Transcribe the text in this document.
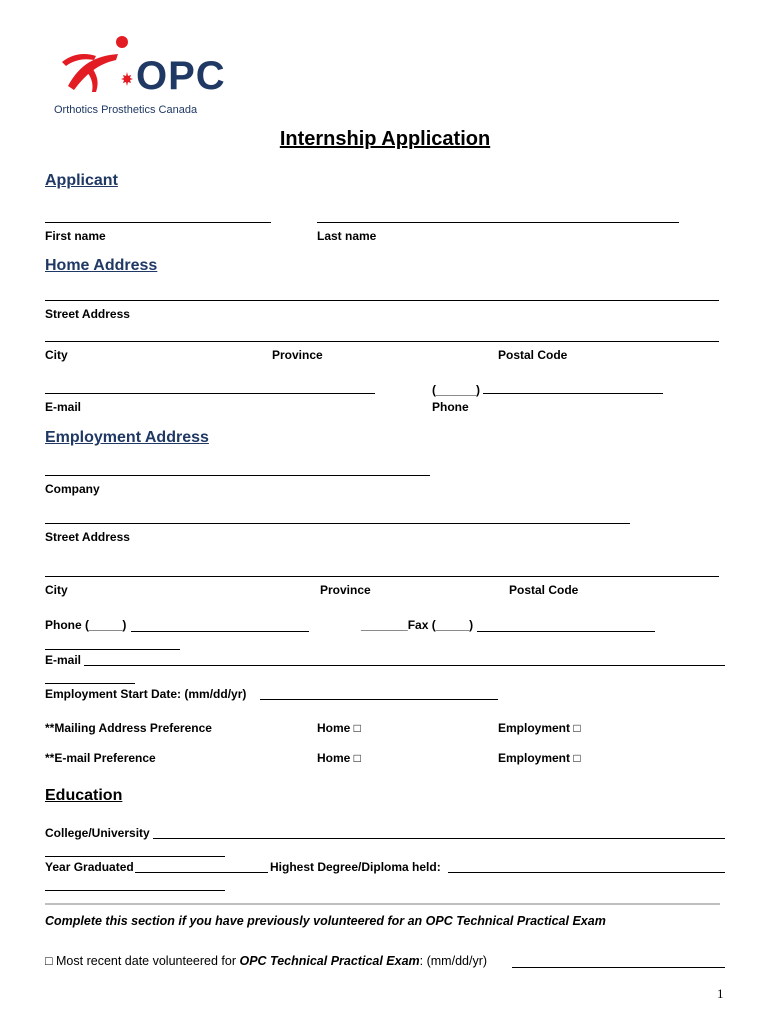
OPC
Orthotics Prosthetics Canada
Internship Application
Applicant
First name	Last name
Home Address
Street Address
City	Province	Postal Code
(______)
E-mail	Phone
Employment Address
Company
Street Address
City	Province	Postal Code
Phone (_____)	_______Fax (_____)
E-mail
Employment Start Date: (mm/dd/yr)
**Mailing Address Preference	Home □	Employment □
**E-mail Preference	Home □	Employment □
Education
College/University
Year Graduated	Highest Degree/Diploma held:
Complete this section if you have previously volunteered for an OPC Technical Practical Exam
□ Most recent date volunteered for OPC Technical Practical Exam: (mm/dd/yr)
1
